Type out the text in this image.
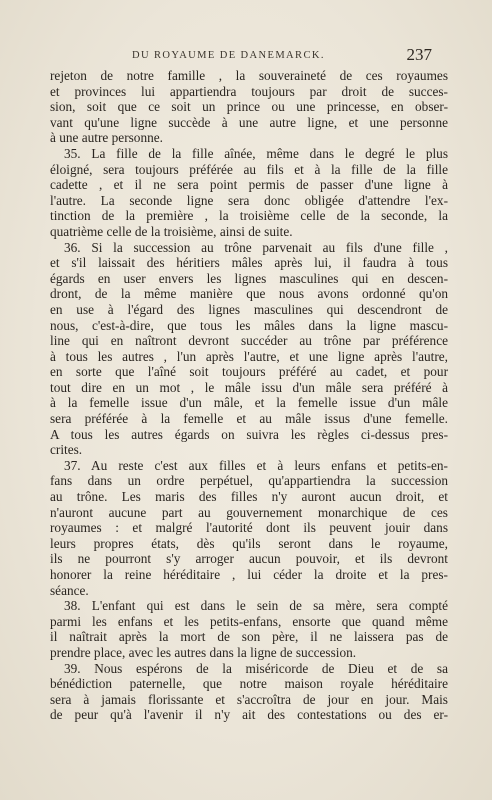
DU ROYAUME DE DANEMARCK.	237
rejeton de notre famille , la souveraineté de ces royaumes
et provinces lui appartiendra toujours par droit de succes-
sion, soit que ce soit un prince ou une princesse, en obser-
vant qu'une ligne succède à une autre ligne, et une personne
à une autre personne.
35. La fille de la fille aînée, même dans le degré le plus
éloigné, sera toujours préférée au fils et à la fille de la fille
cadette , et il ne sera point permis de passer d'une ligne à
l'autre. La seconde ligne sera donc obligée d'attendre l'ex-
tinction de la première , la troisième celle de la seconde, la
quatrième celle de la troisième, ainsi de suite.
36. Si la succession au trône parvenait au fils d'une fille ,
et s'il laissait des héritiers mâles après lui, il faudra à tous
égards en user envers les lignes masculines qui en descen-
dront, de la même manière que nous avons ordonné qu'on
en use à l'égard des lignes masculines qui descendront de
nous, c'est-à-dire, que tous les mâles dans la ligne mascu-
line qui en naîtront devront succéder au trône par préférence
à tous les autres , l'un après l'autre, et une ligne après l'autre,
en sorte que l'aîné soit toujours préféré au cadet, et pour
tout dire en un mot , le mâle issu d'un mâle sera préféré à
à la femelle issue d'un mâle, et la femelle issue d'un mâle
sera préférée à la femelle et au mâle issus d'une femelle.
A tous les autres égards on suivra les règles ci-dessus pres-
crites.
37. Au reste c'est aux filles et à leurs enfans et petits-en-
fans dans un ordre perpétuel, qu'appartiendra la succession
au trône. Les maris des filles n'y auront aucun droit, et
n'auront aucune part au gouvernement monarchique de ces
royaumes : et malgré l'autorité dont ils peuvent jouir dans
leurs propres états, dès qu'ils seront dans le royaume,
ils ne pourront s'y arroger aucun pouvoir, et ils devront
honorer la reine héréditaire , lui céder la droite et la pres-
séance.
38. L'enfant qui est dans le sein de sa mère, sera compté
parmi les enfans et les petits-enfans, ensorte que quand même
il naîtrait après la mort de son père, il ne laissera pas de
prendre place, avec les autres dans la ligne de succession.
39. Nous espérons de la miséricorde de Dieu et de sa
bénédiction paternelle, que notre maison royale héréditaire
sera à jamais florissante et s'accroîtra de jour en jour. Mais
de peur qu'à l'avenir il n'y ait des contestations ou des er-
